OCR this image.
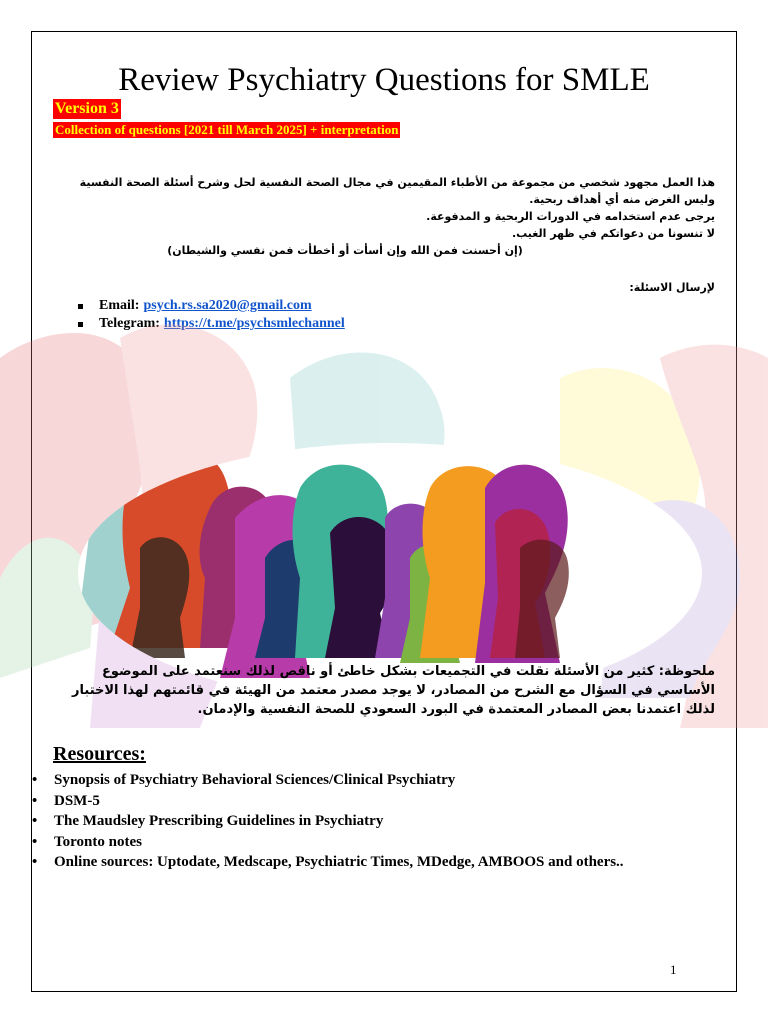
Review Psychiatry Questions for SMLE
Version 3
Collection of questions [2021 till March 2025] + interpretation
هذا العمل مجهود شخصي من مجموعة من الأطباء المقيمين في مجال الصحة النفسية لحل وشرح أسئلة الصحة النفسية وليس الغرض منه أي أهداف ربحية.
يرجى عدم استخدامه في الدورات الربحية و المدفوعة.
لا تنسونا من دعواتكم في ظهر الغيب.
(إن أحسنت فمن الله وإن أسأت أو أخطأت فمن نفسي والشيطان)
لإرسال الاسئلة:
Email: psych.rs.sa2020@gmail.com
Telegram: https://t.me/psychsmlechannel
ملحوظة: كثير من الأسئلة نقلت في التجميعات بشكل خاطئ أو ناقص لذلك سنعتمد على الموضوع الأساسي في السؤال مع الشرح من المصادر، لا يوجد مصدر معتمد من الهيئة في قائمتهم لهذا الاختبار لذلك اعتمدنا بعض المصادر المعتمدة في البورد السعودي للصحة النفسية والإدمان.
Resources:
•	Synopsis of Psychiatry Behavioral Sciences/Clinical Psychiatry
•	DSM-5
•	The Maudsley Prescribing Guidelines in Psychiatry
•	Toronto notes
•	Online sources: Uptodate, Medscape, Psychiatric Times, MDedge, AMBOOS and others..
1
